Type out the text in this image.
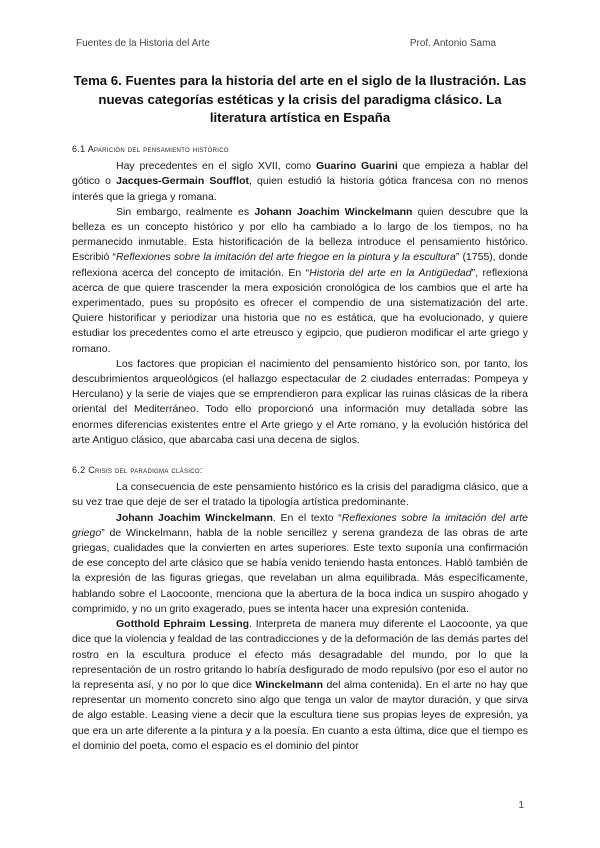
Fuentes de la Historia del Arte	Prof. Antonio Sama
Tema 6. Fuentes para la historia del arte en el siglo de la Ilustración. Las nuevas categorías estéticas y la crisis del paradigma clásico. La literatura artística en España
6.1 Aparición del pensamiento histórico

Hay precedentes en el siglo XVII, como Guarino Guarini que empieza a hablar del gótico o Jacques-Germain Soufflot, quien estudió la historia gótica francesa con no menos interés que la griega y romana.

Sin embargo, realmente es Johann Joachim Winckelmann quien descubre que la belleza es un concepto histórico y por ello ha cambiado a lo largo de los tiempos, no ha permanecido inmutable. Esta historificación de la belleza introduce el pensamiento histórico. Escribió “Reflexiones sobre la imitación del arte friegoe en la pintura y la escultura” (1755), donde reflexiona acerca del concepto de imitación. En “Historia del arte en la Antigüedad”, reflexiona acerca de que quiere trascender la mera exposición cronológica de los cambios que el arte ha experimentado, pues su propósito es ofrecer el compendio de una sistematización del arte. Quiere historificar y periodizar una historia que no es estática, que ha evolucionado, y quiere estudiar los precedentes como el arte etreusco y egipcio, que pudieron modificar el arte griego y romano.

Los factores que propician el nacimiento del pensamiento histórico son, por tanto, los descubrimientos arqueológicos (el hallazgo espectacular de 2 ciudades enterradas: Pompeya y Herculano) y la serie de viajes que se emprendieron para explicar las ruinas clásicas de la ribera oriental del Mediterráneo. Todo ello proporcionó una información muy detallada sobre las enormes diferencias existentes entre el Arte griego y el Arte romano, y la evolución histórica del arte Antiguo clásico, que abarcaba casi una decena de siglos.

6.2 Crisis del paradigma clásico:

La consecuencia de este pensamiento histórico es la crisis del paradigma clásico, que a su vez trae que deje de ser el tratado la tipología artística predominante.

Johann Joachim Winckelmann. En el texto “Reflexiones sobre la imitación del arte griego” de Winckelmann, habla de la noble sencillez y serena grandeza de las obras de arte griegas, cualidades que la convierten en artes superiores. Este texto suponía una confirmación de ese concepto del arte clásico que se había venido teniendo hasta entonces. Habló también de la expresión de las figuras griegas, que revelaban un alma equilibrada. Más específicamente, hablando sobre el Laocoonte, menciona que la abertura de la boca indica un suspiro ahogado y comprimido, y no un grito exagerado, pues se intenta hacer una expresión contenida.

Gotthold Ephraim Lessing. Interpreta de manera muy diferente el Laocoonte, ya que dice que la violencia y fealdad de las contradicciones y de la deformación de las demás partes del rostro en la escultura produce el efecto más desagradable del mundo, por lo que la representación de un rostro gritando lo habría desfigurado de modo repulsivo (por eso el autor no la representa así, y no por lo que dice Winckelmann del alma contenida). En el arte no hay que representar un momento concreto sino algo que tenga un valor de maytor duración, y que sirva de algo estable. Leasing viene a decir que la escultura tiene sus propias leyes de expresión, ya que era un arte diferente a la pintura y a la poesía. En cuanto a esta última, dice que el tiempo es el dominio del poeta, como el espacio es el dominio del pintor

1
